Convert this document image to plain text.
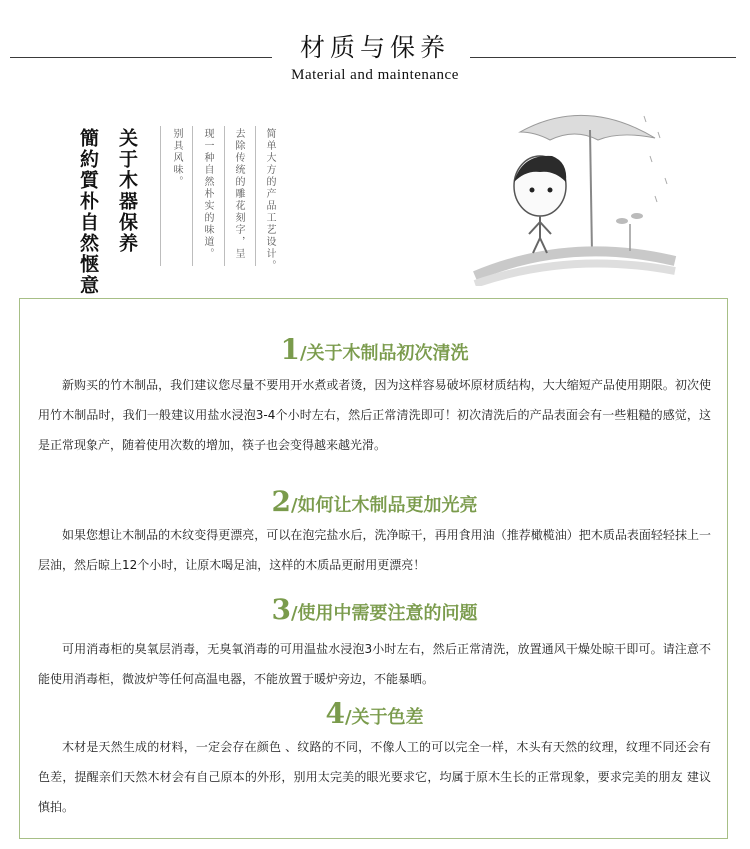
材质与保养
Material and maintenance
簡約質朴自然惬意 关于木器保养	别具风味。 现一种自然朴实的味道。 去除传统的雕花刻字，呈 简单大方的产品工艺设计。
1/关于木制品初次清洗
新购买的竹木制品，我们建议您尽量不要用开水煮或者烫，因为这样容易破坏原材质结构，大大缩短产品使用期限。初次使用竹木制品时，我们一般建议用盐水浸泡3-4个小时左右，然后正常清洗即可！初次清洗后的产品表面会有一些粗糙的感觉，这是正常现象产，随着使用次数的增加，筷子也会变得越来越光滑。
2/如何让木制品更加光亮
如果您想让木制品的木纹变得更漂亮，可以在泡完盐水后，洗净晾干，再用食用油（推荐橄榄油）把木质品表面轻轻抹上一层油，然后晾上12个小时，让原木喝足油，这样的木质品更耐用更漂亮！
3/使用中需要注意的问题
可用消毒柜的臭氧层消毒，无臭氧消毒的可用温盐水浸泡3小时左右，然后正常清洗，放置通风干燥处晾干即可。请注意不能使用消毒柜，微波炉等任何高温电器，不能放置于暖炉旁边，不能暴晒。
4/关于色差
木材是天然生成的材料，一定会存在颜色 、纹路的不同，不像人工的可以完全一样，木头有天然的纹理，纹理不同还会有色差，提醒亲们天然木材会有自己原本的外形，别用太完美的眼光要求它，均属于原木生长的正常现象，要求完美的朋友 建议慎拍。
